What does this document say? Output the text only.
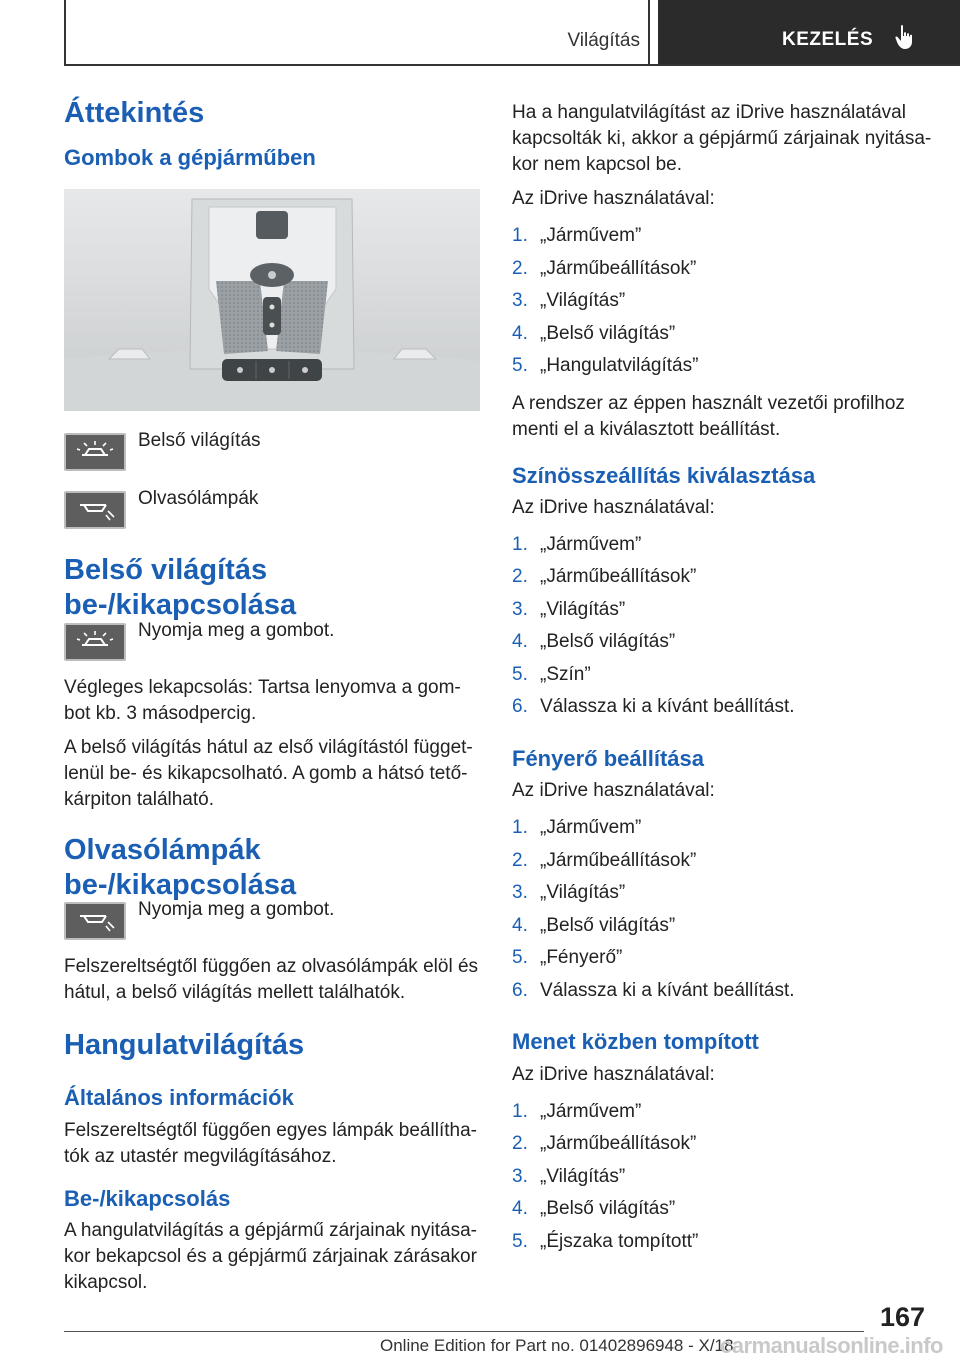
Világítás	KEZELÉS
Áttekintés
Gombok a gépjárműben
Belső világítás
Olvasólámpák
Belső világítás be-/kikapcsolása
Nyomja meg a gombot.

Végleges lekapcsolás: Tartsa lenyomva a gom-bot kb. 3 másodpercig.

A belső világítás hátul az első világítástól függet-lenül be- és kikapcsolható. A gomb a hátsó tető-kárpiton található.

Olvasólámpák be-/kikapcsolása
Nyomja meg a gombot.

Felszereltségtől függően az olvasólámpák elöl és hátul, a belső világítás mellett találhatók.

Hangulatvilágítás
Általános információk

Felszereltségtől függően egyes lámpák beállítha-tók az utastér megvilágításához.

Be-/kikapcsolás

A hangulatvilágítás a gépjármű zárjainak nyitása-kor bekapcsol és a gépjármű zárjainak zárásakor kikapcsol.

Ha a hangulatvilágítást az iDrive használatával kapcsolták ki, akkor a gépjármű zárjainak nyitása-kor nem kapcsol be.

Az iDrive használatával:

1. „Járművem”
2. „Járműbeállítások”
3. „Világítás”
4. „Belső világítás”
5. „Hangulatvilágítás”

A rendszer az éppen használt vezetői profilhoz menti el a kiválasztott beállítást.

Színösszeállítás kiválasztása

Az iDrive használatával:

1. „Járművem”
2. „Járműbeállítások”
3. „Világítás”
4. „Belső világítás”
5. „Szín”
6. Válassza ki a kívánt beállítást.
Fényerő beállítása

Az iDrive használatával:

1. „Járművem”
2. „Járműbeállítások”
3. „Világítás”
4. „Belső világítás”
5. „Fényerő”
6. Válassza ki a kívánt beállítást.
Menet közben tompított

Az iDrive használatával:

1. „Járművem”
2. „Járműbeállítások”
3. „Világítás”
4. „Belső világítás”
5. „Éjszaka tompított”
167
Online Edition for Part no. 01402896948 - X/18
carmanualsonline.info
